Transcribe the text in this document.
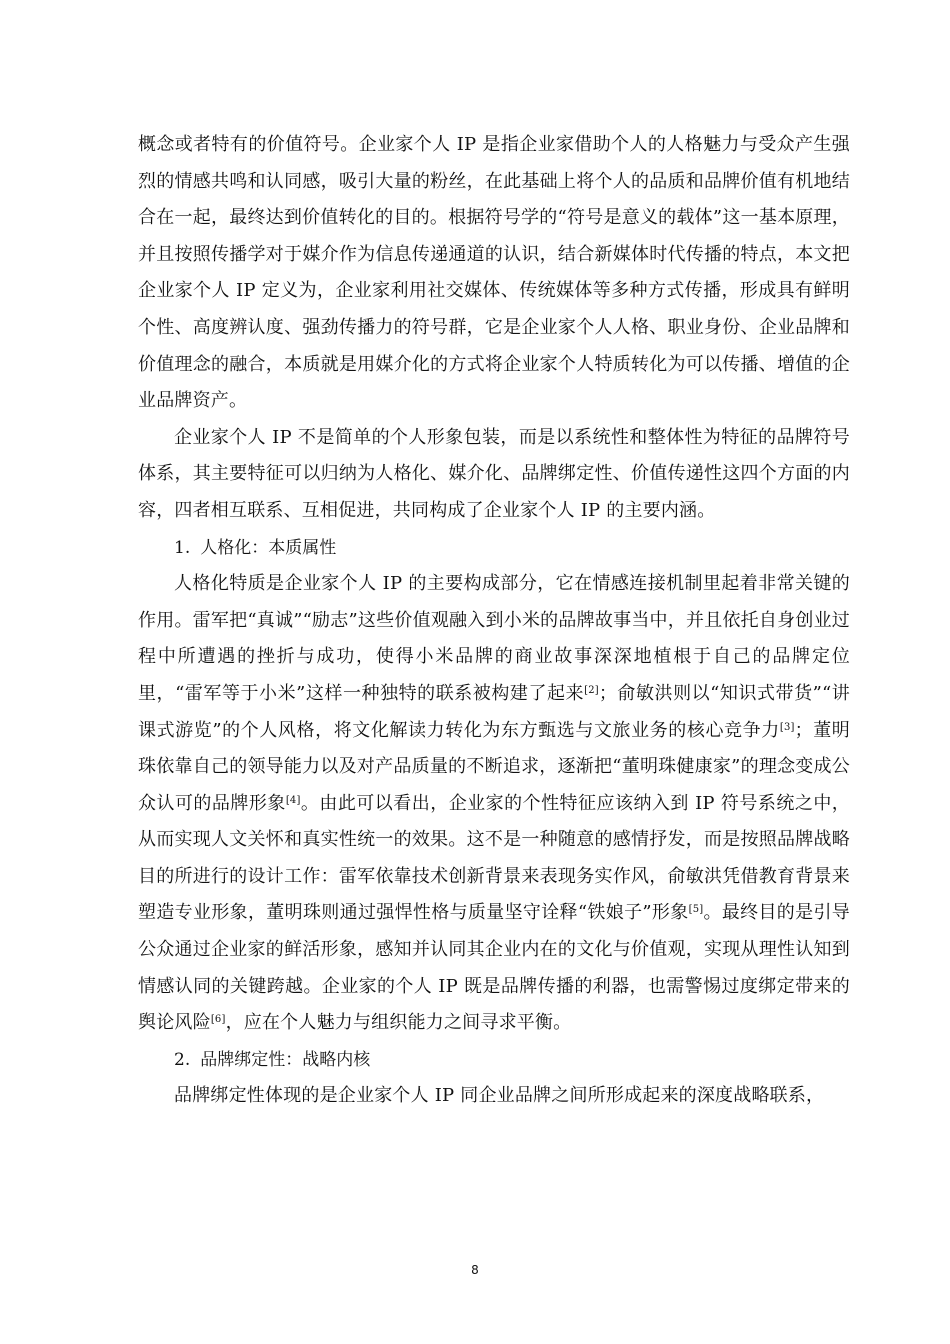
概念或者特有的价值符号。企业家个人 IP 是指企业家借助个人的人格魅力与受众产生强烈的情感共鸣和认同感，吸引大量的粉丝，在此基础上将个人的品质和品牌价值有机地结合在一起，最终达到价值转化的目的。根据符号学的“符号是意义的载体”这一基本原理，并且按照传播学对于媒介作为信息传递通道的认识，结合新媒体时代传播的特点，本文把企业家个人 IP 定义为，企业家利用社交媒体、传统媒体等多种方式传播，形成具有鲜明个性、高度辨认度、强劲传播力的符号群，它是企业家个人人格、职业身份、企业品牌和价值理念的融合，本质就是用媒介化的方式将企业家个人特质转化为可以传播、增值的企业品牌资产。

企业家个人 IP 不是简单的个人形象包装，而是以系统性和整体性为特征的品牌符号体系，其主要特征可以归纳为人格化、媒介化、品牌绑定性、价值传递性这四个方面的内容，四者相互联系、互相促进，共同构成了企业家个人 IP 的主要内涵。

1. 人格化：本质属性

人格化特质是企业家个人 IP 的主要构成部分，它在情感连接机制里起着非常关键的作用。雷军把“真诚”“励志”这些价值观融入到小米的品牌故事当中，并且依托自身创业过程中所遭遇的挫折与成功，使得小米品牌的商业故事深深地植根于自己的品牌定位里，“雷军等于小米”这样一种独特的联系被构建了起来[2]；俞敏洪则以“知识式带货”“讲课式游览”的个人风格，将文化解读力转化为东方甄选与文旅业务的核心竞争力[3]；董明珠依靠自己的领导能力以及对产品质量的不断追求，逐渐把“董明珠健康家”的理念变成公众认可的品牌形象[4]。由此可以看出，企业家的个性特征应该纳入到 IP 符号系统之中，从而实现人文关怀和真实性统一的效果。这不是一种随意的感情抒发，而是按照品牌战略目的所进行的设计工作：雷军依靠技术创新背景来表现务实作风，俞敏洪凭借教育背景来塑造专业形象，董明珠则通过强悍性格与质量坚守诠释“铁娘子”形象[5]。最终目的是引导公众通过企业家的鲜活形象，感知并认同其企业内在的文化与价值观，实现从理性认知到情感认同的关键跨越。企业家的个人 IP 既是品牌传播的利器，也需警惕过度绑定带来的舆论风险[6]，应在个人魅力与组织能力之间寻求平衡。

2. 品牌绑定性：战略内核

品牌绑定性体现的是企业家个人 IP 同企业品牌之间所形成起来的深度战略联系，

8
